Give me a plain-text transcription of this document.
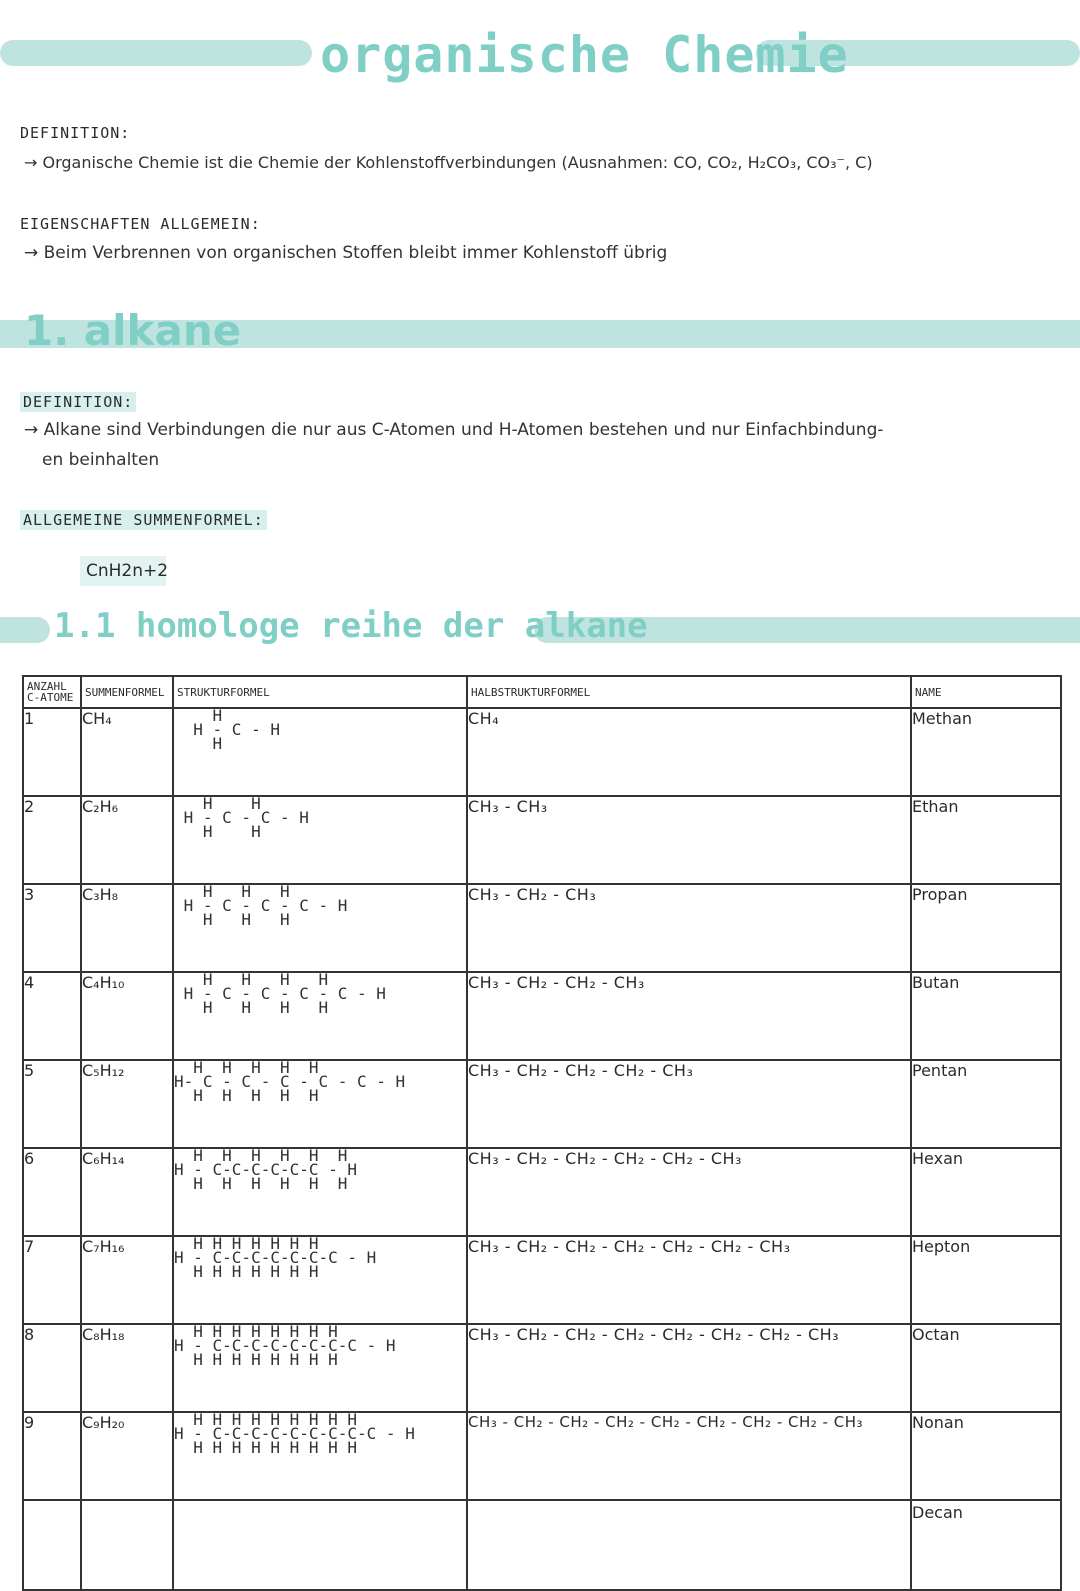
organische Chemie
DEFINITION:
→ Organische Chemie ist die Chemie der Kohlenstoffverbindungen (Ausnahmen: CO, CO₂, H₂CO₃, CO₃⁻, C)
EIGENSCHAFTEN ALLGEMEIN:
→ Beim Verbrennen von organischen Stoffen bleibt immer Kohlenstoff übrig
1. alkane
DEFINITION:
→ Alkane sind Verbindungen die nur aus C-Atomen und H-Atomen bestehen und nur Einfachbindung-
en beinhalten
ALLGEMEINE SUMMENFORMEL:
CnH2n+2
1.1 homologe reihe der alkane
ANZAHL C-ATOME	SUMMENFORMEL	STRUKTURFORMEL	HALBSTRUKTURFORMEL	NAME
1	CH₄	H
H - C - H
H	CH₄	Methan
2	C₂H₆	H    H
H - C - C - H
H    H	CH₃ - CH₃	Ethan
3	C₃H₈	H   H   H
H - C - C - C - H
H   H   H	CH₃ - CH₂ - CH₃	Propan
4	C₄H₁₀	H   H   H   H
H - C - C - C - C - H
H   H   H   H	CH₃ - CH₂ - CH₂ - CH₃	Butan
5	C₅H₁₂	H  H  H  H  H
H- C - C - C - C - C - H
H  H  H  H  H	CH₃ - CH₂ - CH₂ - CH₂ - CH₃	Pentan
6	C₆H₁₄	H  H  H  H  H  H
H - C-C-C-C-C-C - H
H  H  H  H  H  H	CH₃ - CH₂ - CH₂ - CH₂ - CH₂ - CH₃	Hexan
7	C₇H₁₆	H H H H H H H
H - C-C-C-C-C-C-C - H
H H H H H H H	CH₃ - CH₂ - CH₂ - CH₂ - CH₂ - CH₂ - CH₃	Hepton
8	C₈H₁₈	H H H H H H H H
H - C-C-C-C-C-C-C-C - H
H H H H H H H H	CH₃ - CH₂ - CH₂ - CH₂ - CH₂ - CH₂ - CH₂ - CH₃	Octan
9	C₉H₂₀	H H H H H H H H H
H - C-C-C-C-C-C-C-C-C - H
H H H H H H H H H	CH₃ - CH₂ - CH₂ - CH₂ - CH₂ - CH₂ - CH₂ - CH₂ - CH₃	Nonan
				Decan
